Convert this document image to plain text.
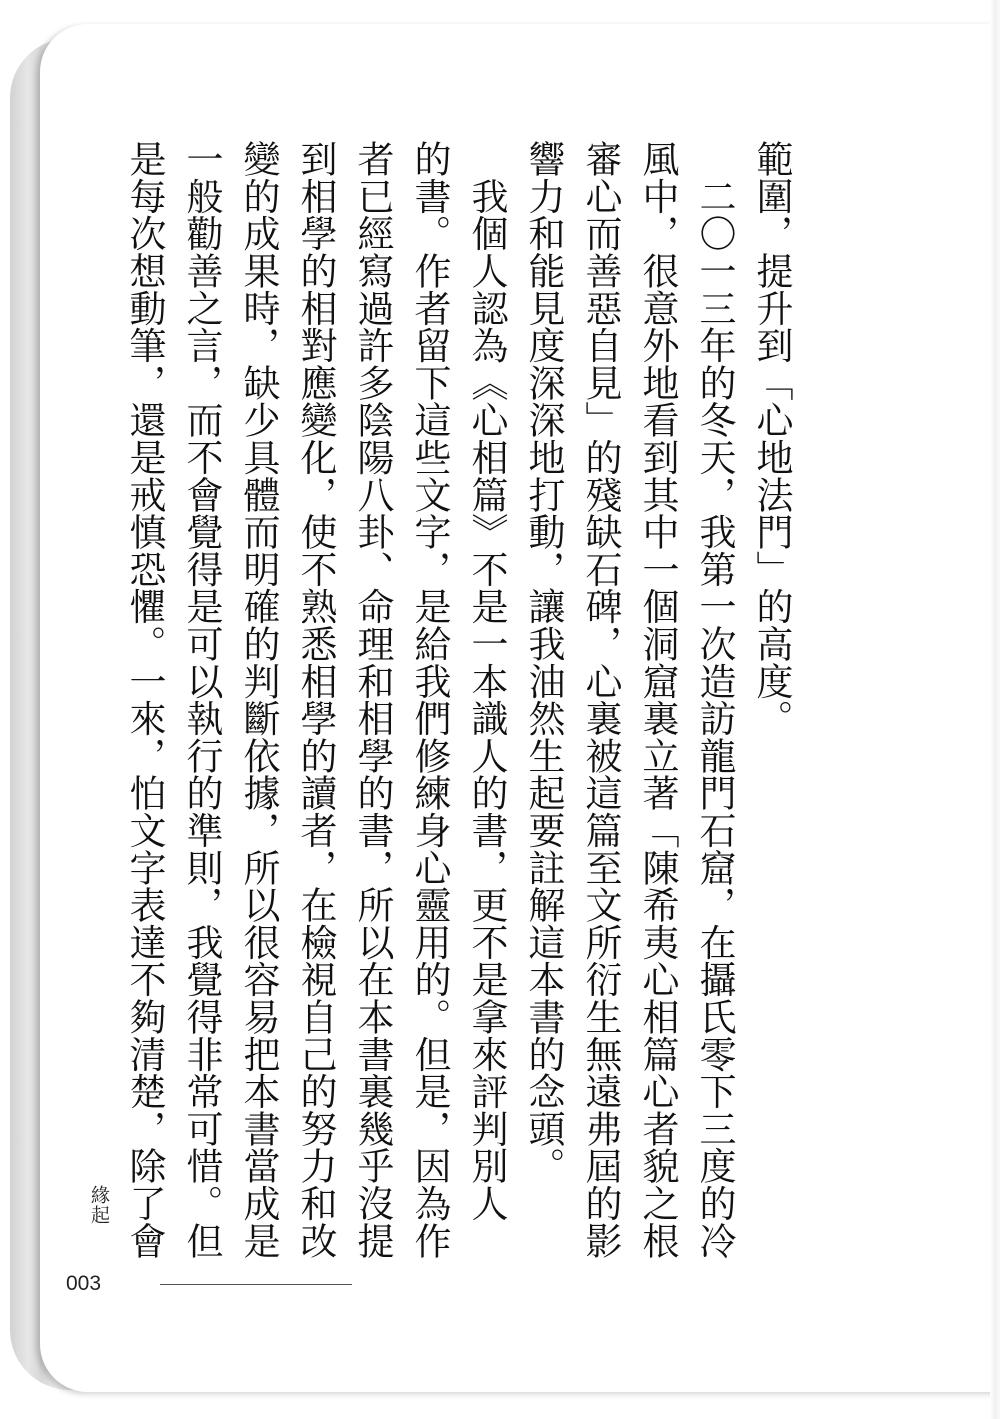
範圍，提升到「心地法門」的高度。

　二〇一三年的冬天，我第一次造訪龍門石窟，在攝氏零下三度的冷

風中，很意外地看到其中一個洞窟裏立著「陳希夷心相篇心者貌之根

審心而善惡自見」的殘缺石碑，心裏被這篇至文所衍生無遠弗屆的影

響力和能見度深深地打動，讓我油然生起要註解這本書的念頭。

　我個人認為《心相篇》不是一本識人的書，更不是拿來評判別人

的書。作者留下這些文字，是給我們修練身心靈用的。但是，因為作

者已經寫過許多陰陽八卦、命理和相學的書，所以在本書裏幾乎沒提

到相學的相對應變化，使不熟悉相學的讀者，在檢視自己的努力和改

變的成果時，缺少具體而明確的判斷依據，所以很容易把本書當成是

一般勸善之言，而不會覺得是可以執行的準則，我覺得非常可惜。但

是每次想動筆，還是戒慎恐懼。一來，怕文字表達不夠清楚，除了會

緣起
003
